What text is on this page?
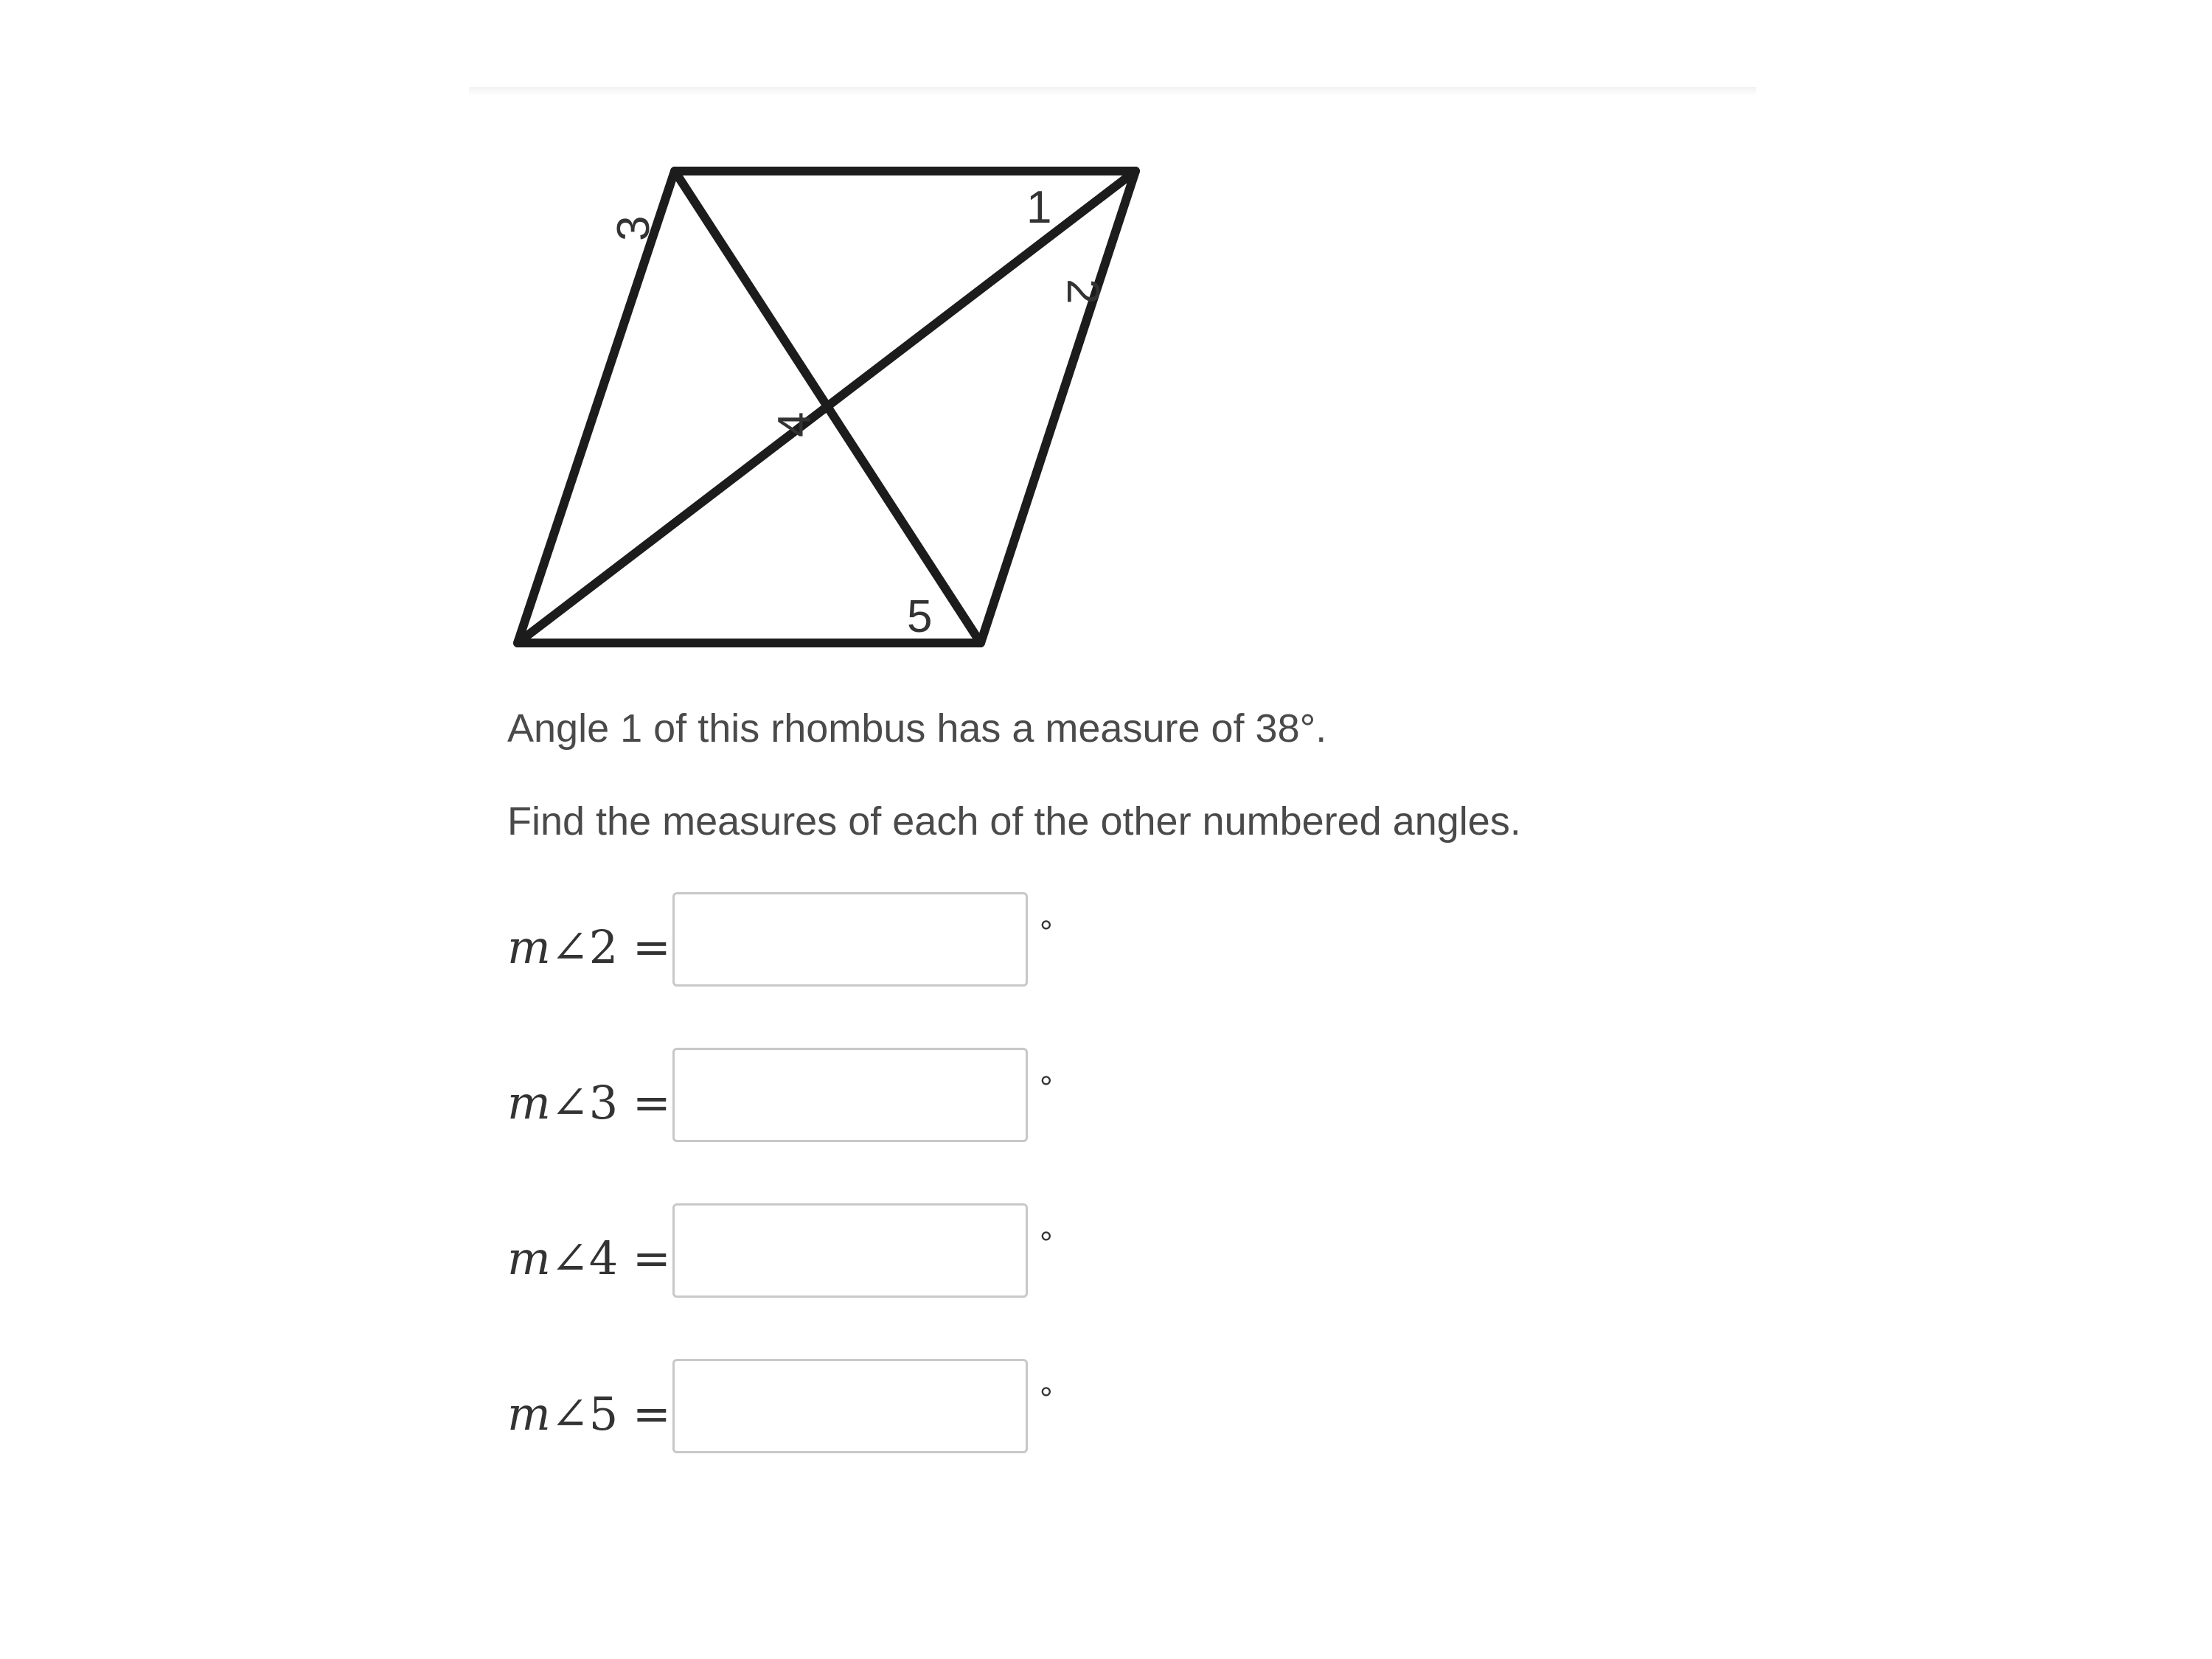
1
2
3
4
5

Angle 1 of this rhombus has a measure of 38°.

Find the measures of each of the other numbered angles.

m∠2 =	°
m∠3 =	°
m∠4 =	°
m∠5 =	°
